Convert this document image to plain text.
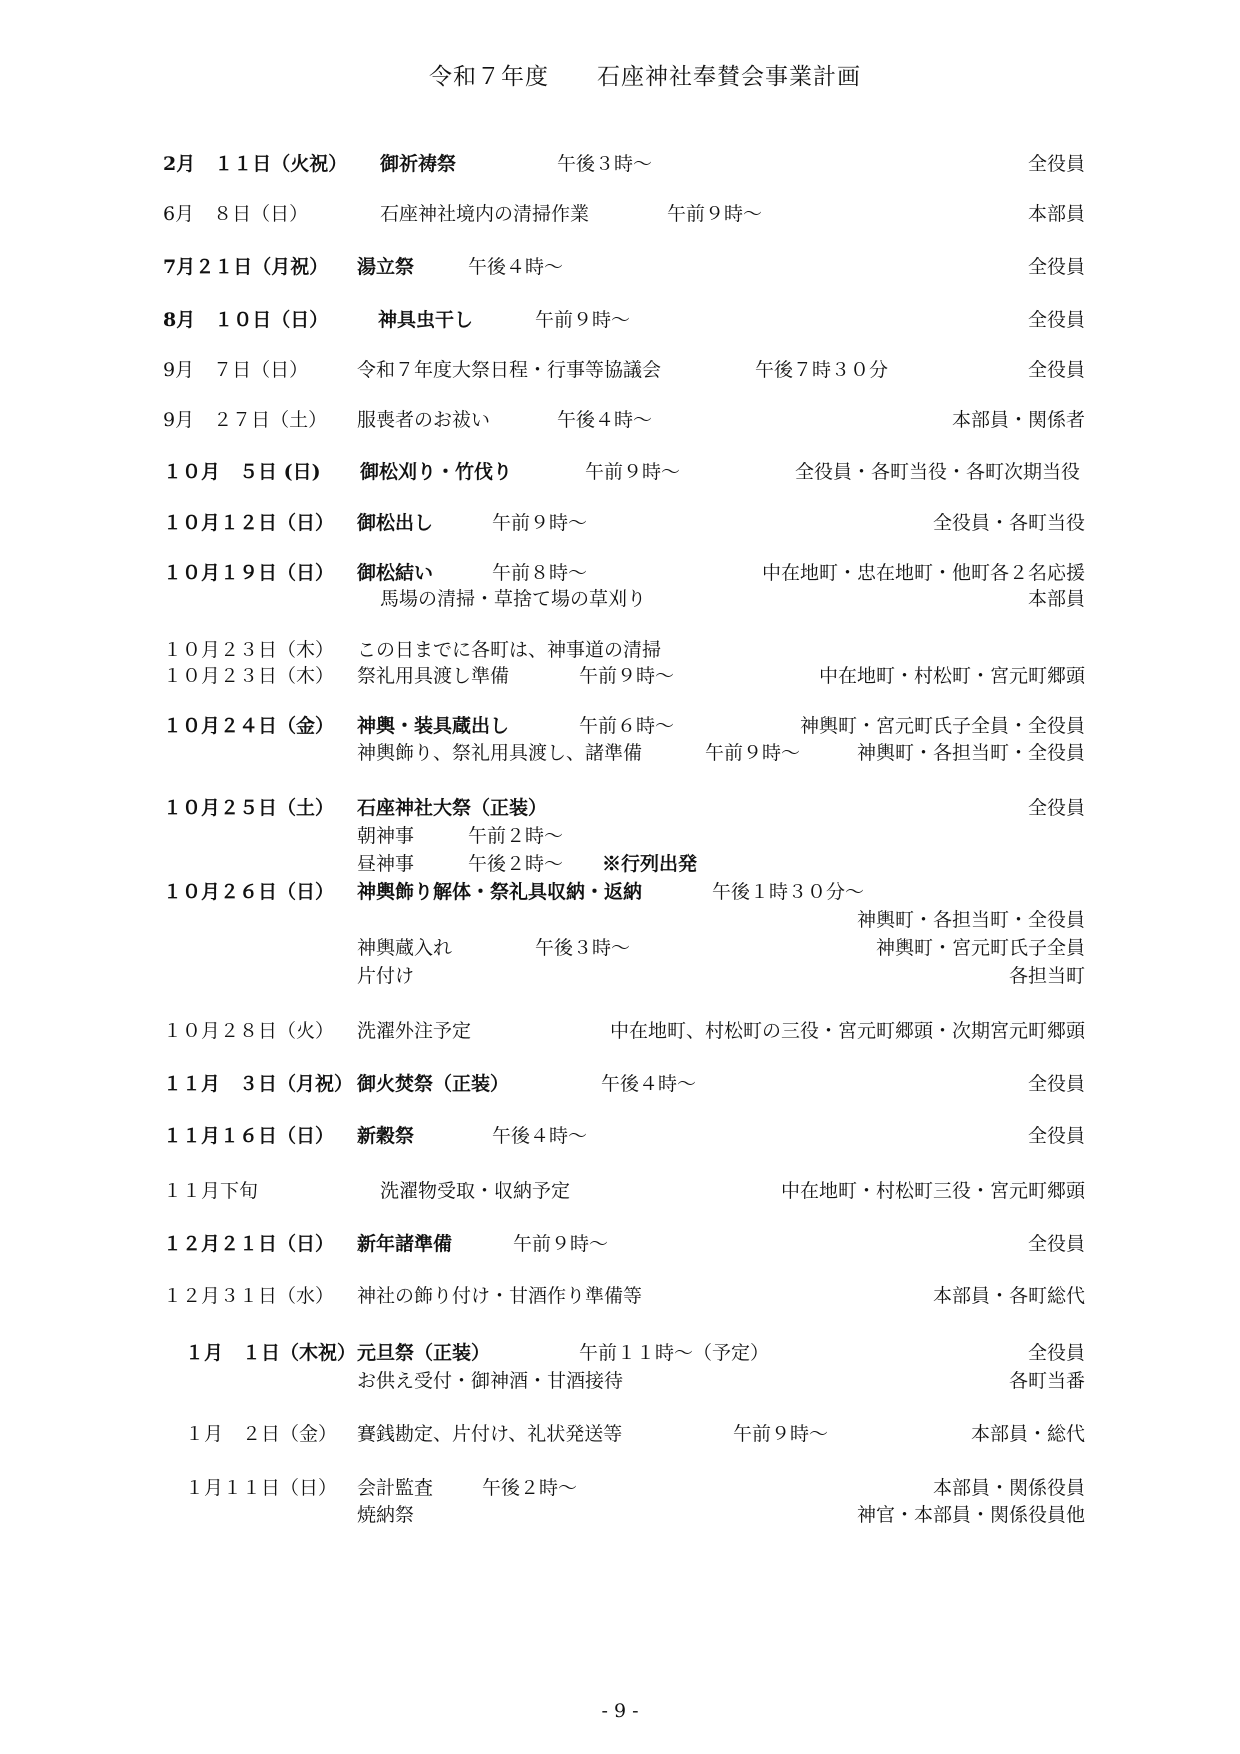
令和７年度　　石座神社奉賛会事業計画
2月　１１日（火祝） 御祈祷祭	午後３時～	全役員
6月　８日（日）	石座神社境内の清掃作業	午前９時～	本部員
7月２１日（月祝） 湯立祭	午後４時～	全役員
8月　１０日（日）	神具虫干し	午前９時～	全役員
9月　７日（日）	令和７年度大祭日程・行事等協議会	午後７時３０分	全役員
9月　２７日（土） 服喪者のお祓い	午後４時～	本部員・関係者
１０月　５日 (日) 御松刈り・竹伐り	午前９時～	全役員・各町当役・各町次期当役
１０月１２日（日） 御松出し	午前９時～	全役員・各町当役
１０月１９日（日） 御松結い	午前８時～	中在地町・忠在地町・他町各２名応援
馬場の清掃・草捨て場の草刈り	本部員
１０月２３日（木） この日までに各町は、神事道の清掃
１０月２３日（木） 祭礼用具渡し準備	午前９時～	中在地町・村松町・宮元町郷頭
１０月２４日（金） 神輿・装具蔵出し	午前６時～	神輿町・宮元町氏子全員・全役員
神輿飾り、祭礼用具渡し、諸準備	午前９時～	神輿町・各担当町・全役員
１０月２５日（土） 石座神社大祭（正装）	全役員
朝神事	午前２時～
昼神事	午後２時～ ※行列出発
１０月２６日（日） 神輿飾り解体・祭礼具収納・返納	午後１時３０分～
神輿町・各担当町・全役員
神輿蔵入れ	午後３時～	神輿町・宮元町氏子全員
片付け	各担当町
１０月２８日（火） 洗濯外注予定	中在地町、村松町の三役・宮元町郷頭・次期宮元町郷頭
１１月　３日（月祝） 御火焚祭（正装）	午後４時～	全役員
１１月１６日（日） 新穀祭	午後４時～	全役員
１１月下旬	洗濯物受取・収納予定	中在地町・村松町三役・宮元町郷頭
１２月２１日（日） 新年諸準備	午前９時～	全役員
１２月３１日（水） 神社の飾り付け・甘酒作り準備等	本部員・各町総代
１月　１日（木祝） 元旦祭（正装）	午前１１時～（予定）	全役員
お供え受付・御神酒・甘酒接待	各町当番
１月　２日（金） 賽銭勘定、片付け、礼状発送等	午前９時～	本部員・総代
１月１１日（日） 会計監査	午後２時～	本部員・関係役員
焼納祭	神官・本部員・関係役員他
- 9 -
